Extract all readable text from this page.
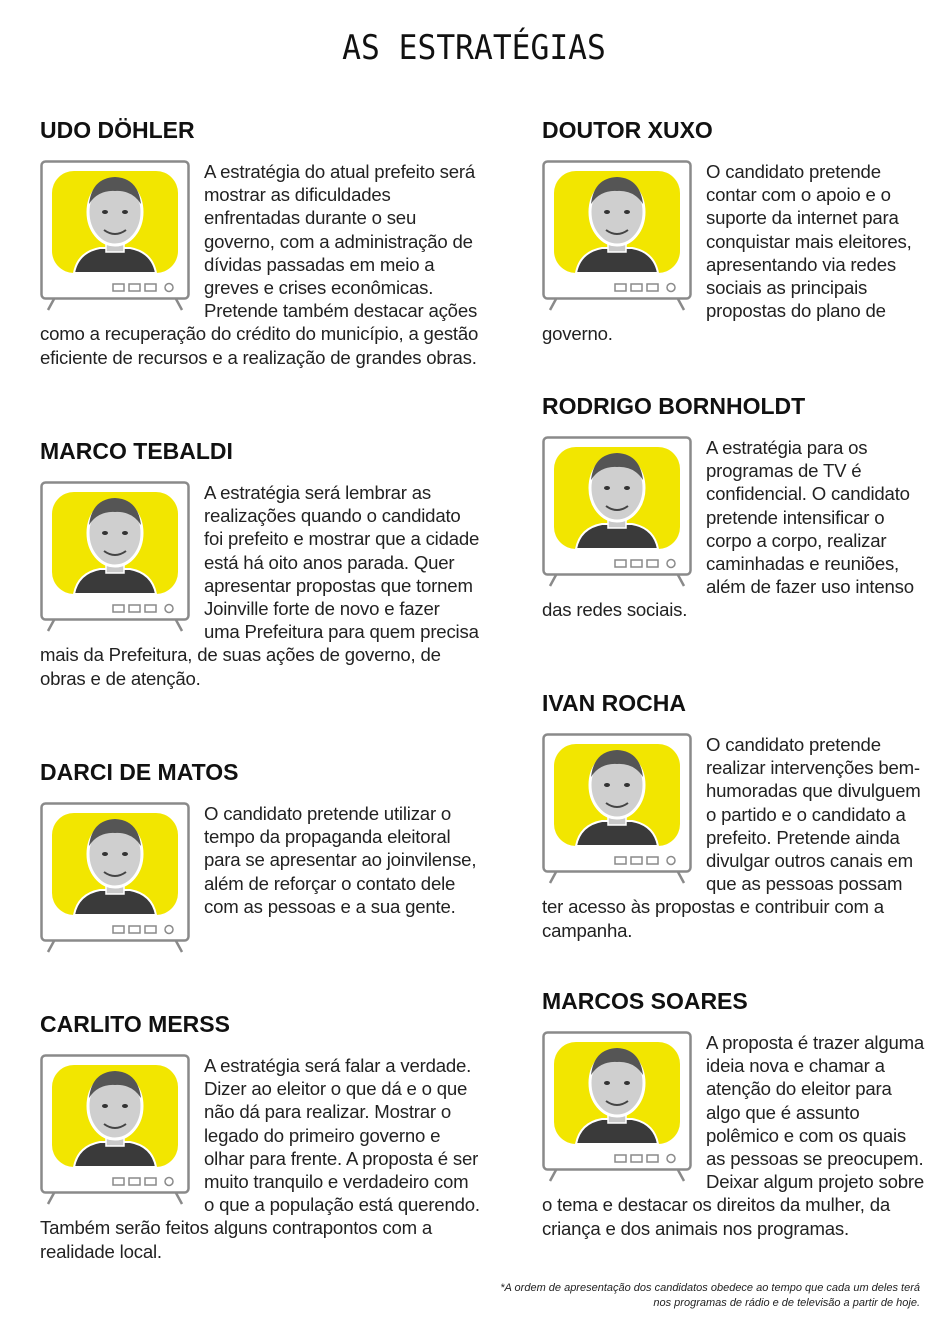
AS ESTRATÉGIAS
UDO DÖHLER
A estratégia do atual prefeito será mostrar as dificuldades enfrentadas durante o seu governo, com a administração de dívidas passadas em meio a greves e crises econômicas. Pretende também destacar ações como a recuperação do crédito do município, a gestão eficiente de recursos e a realização de grandes obras.
MARCO TEBALDI
A estratégia será lembrar as realizações quando o candidato foi prefeito e mostrar que a cidade está há oito anos parada. Quer apresentar propostas que tornem Joinville forte de novo e fazer uma Prefeitura para quem precisa mais da Prefeitura, de suas ações de governo, de obras e de atenção.
DARCI DE MATOS
O candidato pretende utilizar o tempo da propaganda eleitoral para se apresentar ao joinvilense, além de reforçar o contato dele com as pessoas e a sua gente.
CARLITO MERSS
A estratégia será falar a verdade. Dizer ao eleitor o que dá e o que não dá para realizar. Mostrar o legado do primeiro governo e olhar para frente. A proposta é ser muito tranquilo e verdadeiro com o que a população está querendo. Também serão feitos alguns contrapontos com a realidade local.
DOUTOR XUXO
O candidato pretende contar com o apoio e o suporte da internet para conquistar mais eleitores, apresentando via redes sociais as principais propostas do plano de governo.
RODRIGO BORNHOLDT
A estratégia para os programas de TV é confidencial. O candidato pretende intensificar o corpo a corpo, realizar caminhadas e reuniões, além de fazer uso intenso das redes sociais.
IVAN ROCHA
O candidato pretende realizar intervenções bem-humoradas que divulguem o partido e o candidato a prefeito. Pretende ainda divulgar outros canais em que as pessoas possam ter acesso às propostas e contribuir com a campanha.
MARCOS SOARES
A proposta é trazer alguma ideia nova e chamar a atenção do eleitor para algo que é assunto polêmico e com os quais as pessoas se preocupem. Deixar algum projeto sobre o tema e destacar os direitos da mulher, da criança e dos animais nos programas.
*A ordem de apresentação dos candidatos obedece ao tempo que cada um deles terá nos programas de rádio e de televisão a partir de hoje.
